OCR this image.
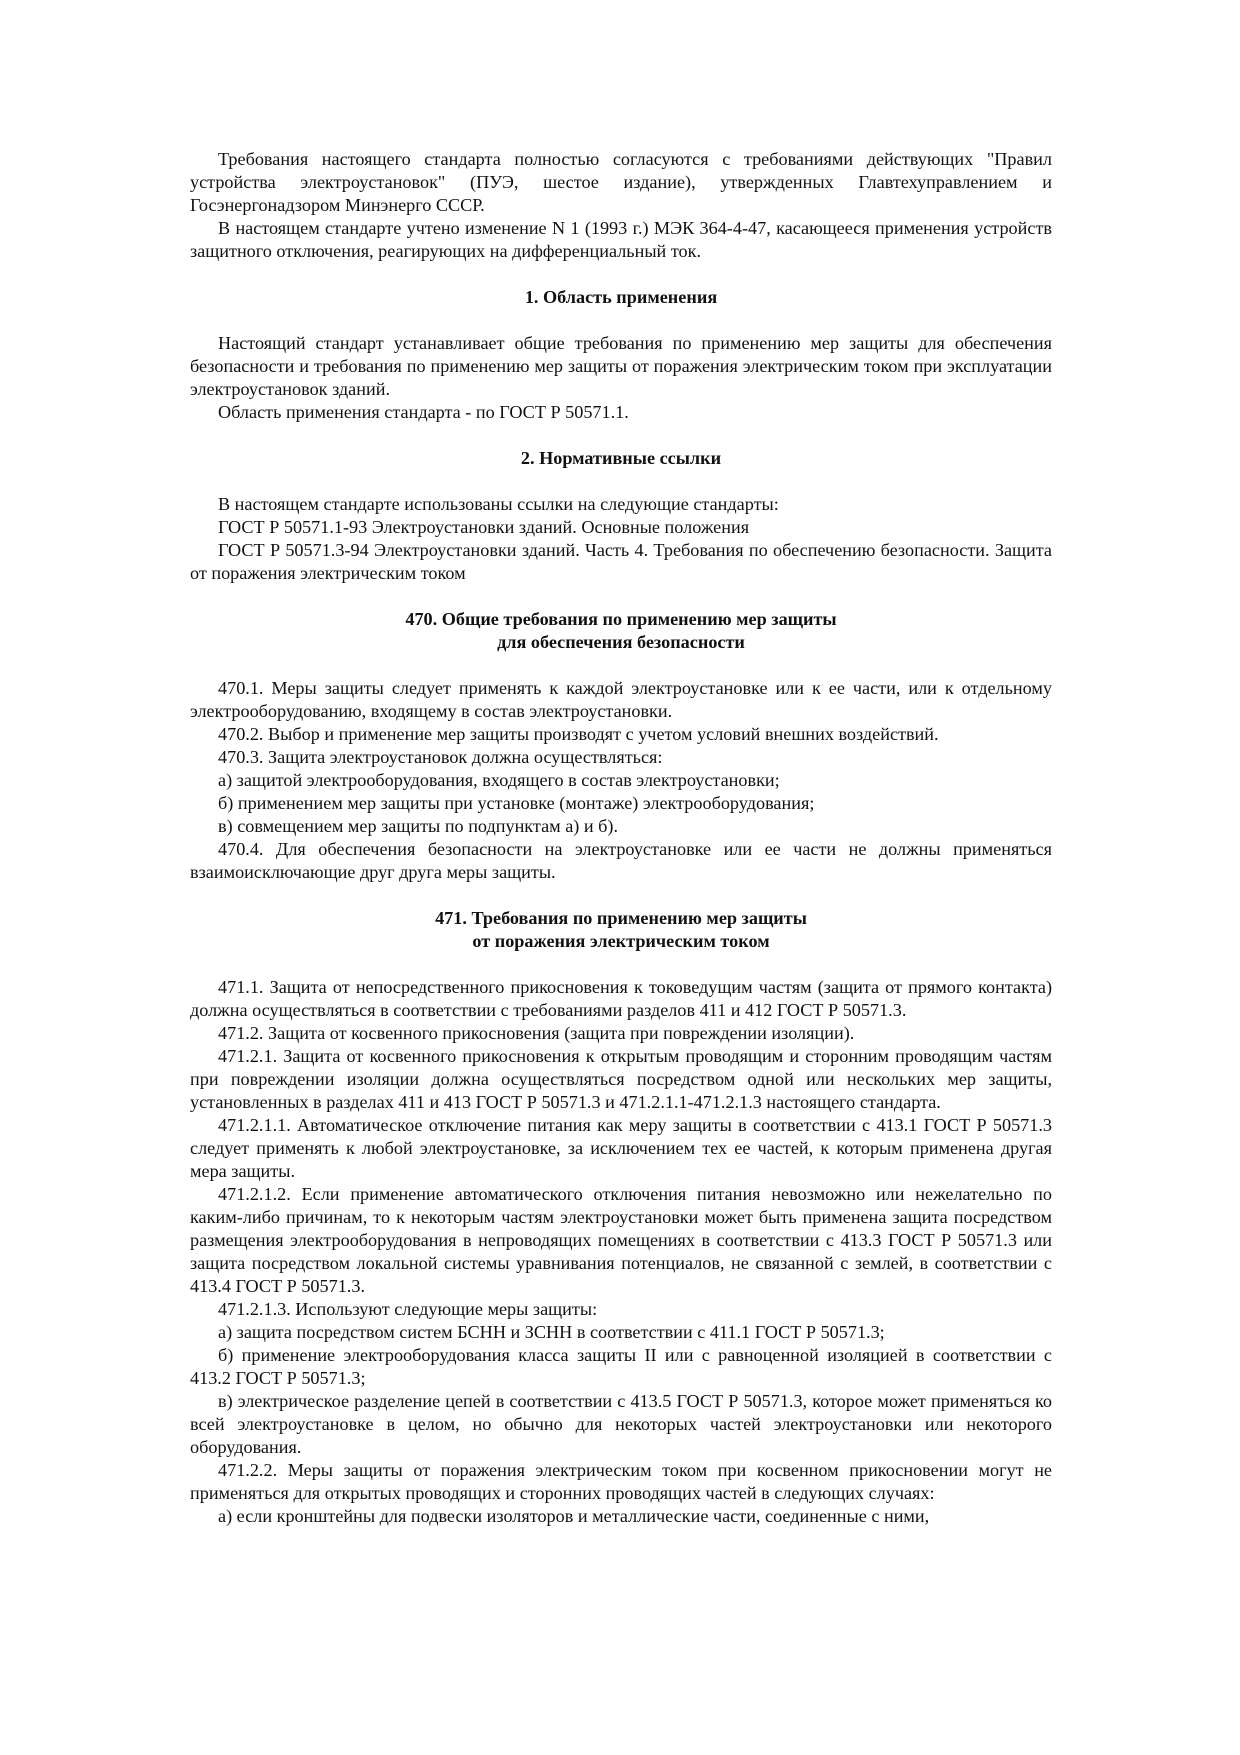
Требования настоящего стандарта полностью согласуются с требованиями действующих "Правил устройства электроустановок" (ПУЭ, шестое издание), утвержденных Главтехуправлением и Госэнергонадзором Минэнерго СССР.

В настоящем стандарте учтено изменение N 1 (1993 г.) МЭК 364-4-47, касающееся применения устройств защитного отключения, реагирующих на дифференциальный ток.

1. Область применения

Настоящий стандарт устанавливает общие требования по применению мер защиты для обеспечения безопасности и требования по применению мер защиты от поражения электрическим током при эксплуатации электроустановок зданий.

Область применения стандарта - по ГОСТ Р 50571.1.

2. Нормативные ссылки

В настоящем стандарте использованы ссылки на следующие стандарты:

ГОСТ Р 50571.1-93 Электроустановки зданий. Основные положения

ГОСТ Р 50571.3-94 Электроустановки зданий. Часть 4. Требования по обеспечению безопасности. Защита от поражения электрическим током

470. Общие требования по применению мер защиты

для обеспечения безопасности

470.1. Меры защиты следует применять к каждой электроустановке или к ее части, или к отдельному электрооборудованию, входящему в состав электроустановки.

470.2. Выбор и применение мер защиты производят с учетом условий внешних воздействий.

470.3. Защита электроустановок должна осуществляться:

а) защитой электрооборудования, входящего в состав электроустановки;

б) применением мер защиты при установке (монтаже) электрооборудования;

в) совмещением мер защиты по подпунктам а) и б).

470.4. Для обеспечения безопасности на электроустановке или ее части не должны применяться взаимоисключающие друг друга меры защиты.

471. Требования по применению мер защиты

от поражения электрическим током

471.1. Защита от непосредственного прикосновения к токоведущим частям (защита от прямого контакта) должна осуществляться в соответствии с требованиями разделов 411 и 412 ГОСТ Р 50571.3.

471.2. Защита от косвенного прикосновения (защита при повреждении изоляции).

471.2.1. Защита от косвенного прикосновения к открытым проводящим и сторонним проводящим частям при повреждении изоляции должна осуществляться посредством одной или нескольких мер защиты, установленных в разделах 411 и 413 ГОСТ Р 50571.3 и 471.2.1.1-471.2.1.3 настоящего стандарта.

471.2.1.1. Автоматическое отключение питания как меру защиты в соответствии с 413.1 ГОСТ Р 50571.3 следует применять к любой электроустановке, за исключением тех ее частей, к которым применена другая мера защиты.

471.2.1.2. Если применение автоматического отключения питания невозможно или нежелательно по каким-либо причинам, то к некоторым частям электроустановки может быть применена защита посредством размещения электрооборудования в непроводящих помещениях в соответствии с 413.3 ГОСТ Р 50571.3 или защита посредством локальной системы уравнивания потенциалов, не связанной с землей, в соответствии с 413.4 ГОСТ Р 50571.3.

471.2.1.3. Используют следующие меры защиты:

а) защита посредством систем БСНН и ЗСНН в соответствии с 411.1 ГОСТ Р 50571.3;

б) применение электрооборудования класса защиты II или с равноценной изоляцией в соответствии с 413.2 ГОСТ Р 50571.3;

в) электрическое разделение цепей в соответствии с 413.5 ГОСТ Р 50571.3, которое может применяться ко всей электроустановке в целом, но обычно для некоторых частей электроустановки или некоторого оборудования.

471.2.2. Меры защиты от поражения электрическим током при косвенном прикосновении могут не применяться для открытых проводящих и сторонних проводящих частей в следующих случаях:

а) если кронштейны для подвески изоляторов и металлические части, соединенные с ними,
